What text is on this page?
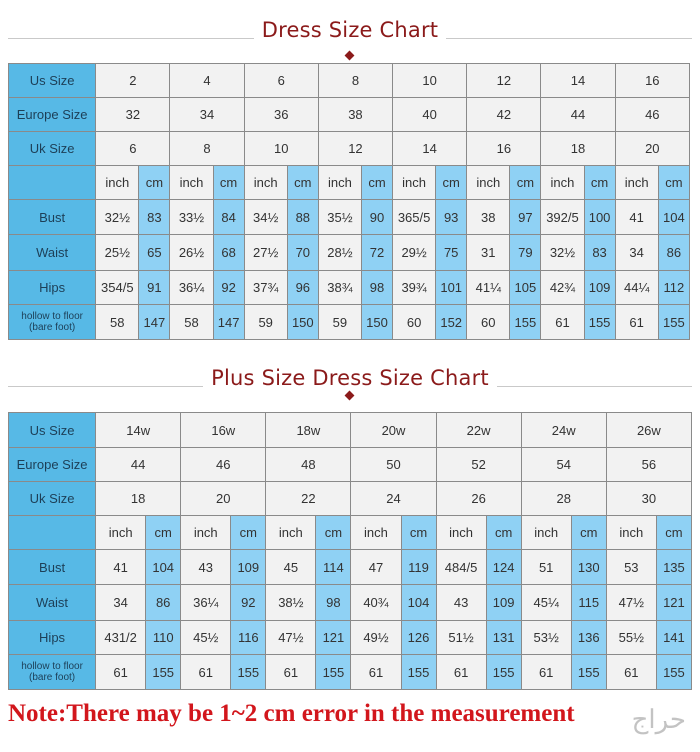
Dress Size Chart
Us Size	2		4		6		8		10		12		14		16	
Europe Size	32		34		36		38		40		42		44		46	
Uk Size	6		8		10		12		14		16		18		20	
	inch	cm	inch	cm	inch	cm	inch	cm	inch	cm	inch	cm	inch	cm	inch	cm
Bust	32½	83	33½	84	34½	88	35½	90	365/5	93	38	97	392/5	100	41	104
Waist	25½	65	26½	68	27½	70	28½	72	29½	75	31	79	32½	83	34	86
Hips	354/5	91	36¼	92	37¾	96	38¾	98	39¾	101	41¼	105	42¾	109	44¼	112
hollow to floor (bare foot)	58	147	58	147	59	150	59	150	60	152	60	155	61	155	61	155
Plus Size Dress Size Chart
Us Size	14w		16w		18w		20w		22w		24w		26w	
Europe Size	44		46		48		50		52		54		56	
Uk Size	18		20		22		24		26		28		30	
	inch	cm	inch	cm	inch	cm	inch	cm	inch	cm	inch	cm	inch	cm
Bust	41	104	43	109	45	114	47	119	484/5	124	51	130	53	135
Waist	34	86	36¼	92	38½	98	40¾	104	43	109	45¼	115	47½	121
Hips	431/2	110	45½	116	47½	121	49½	126	51½	131	53½	136	55½	141
hollow to floor (bare foot)	61	155	61	155	61	155	61	155	61	155	61	155	61	155
Note:There may be 1~2 cm error in the measurement حراج
